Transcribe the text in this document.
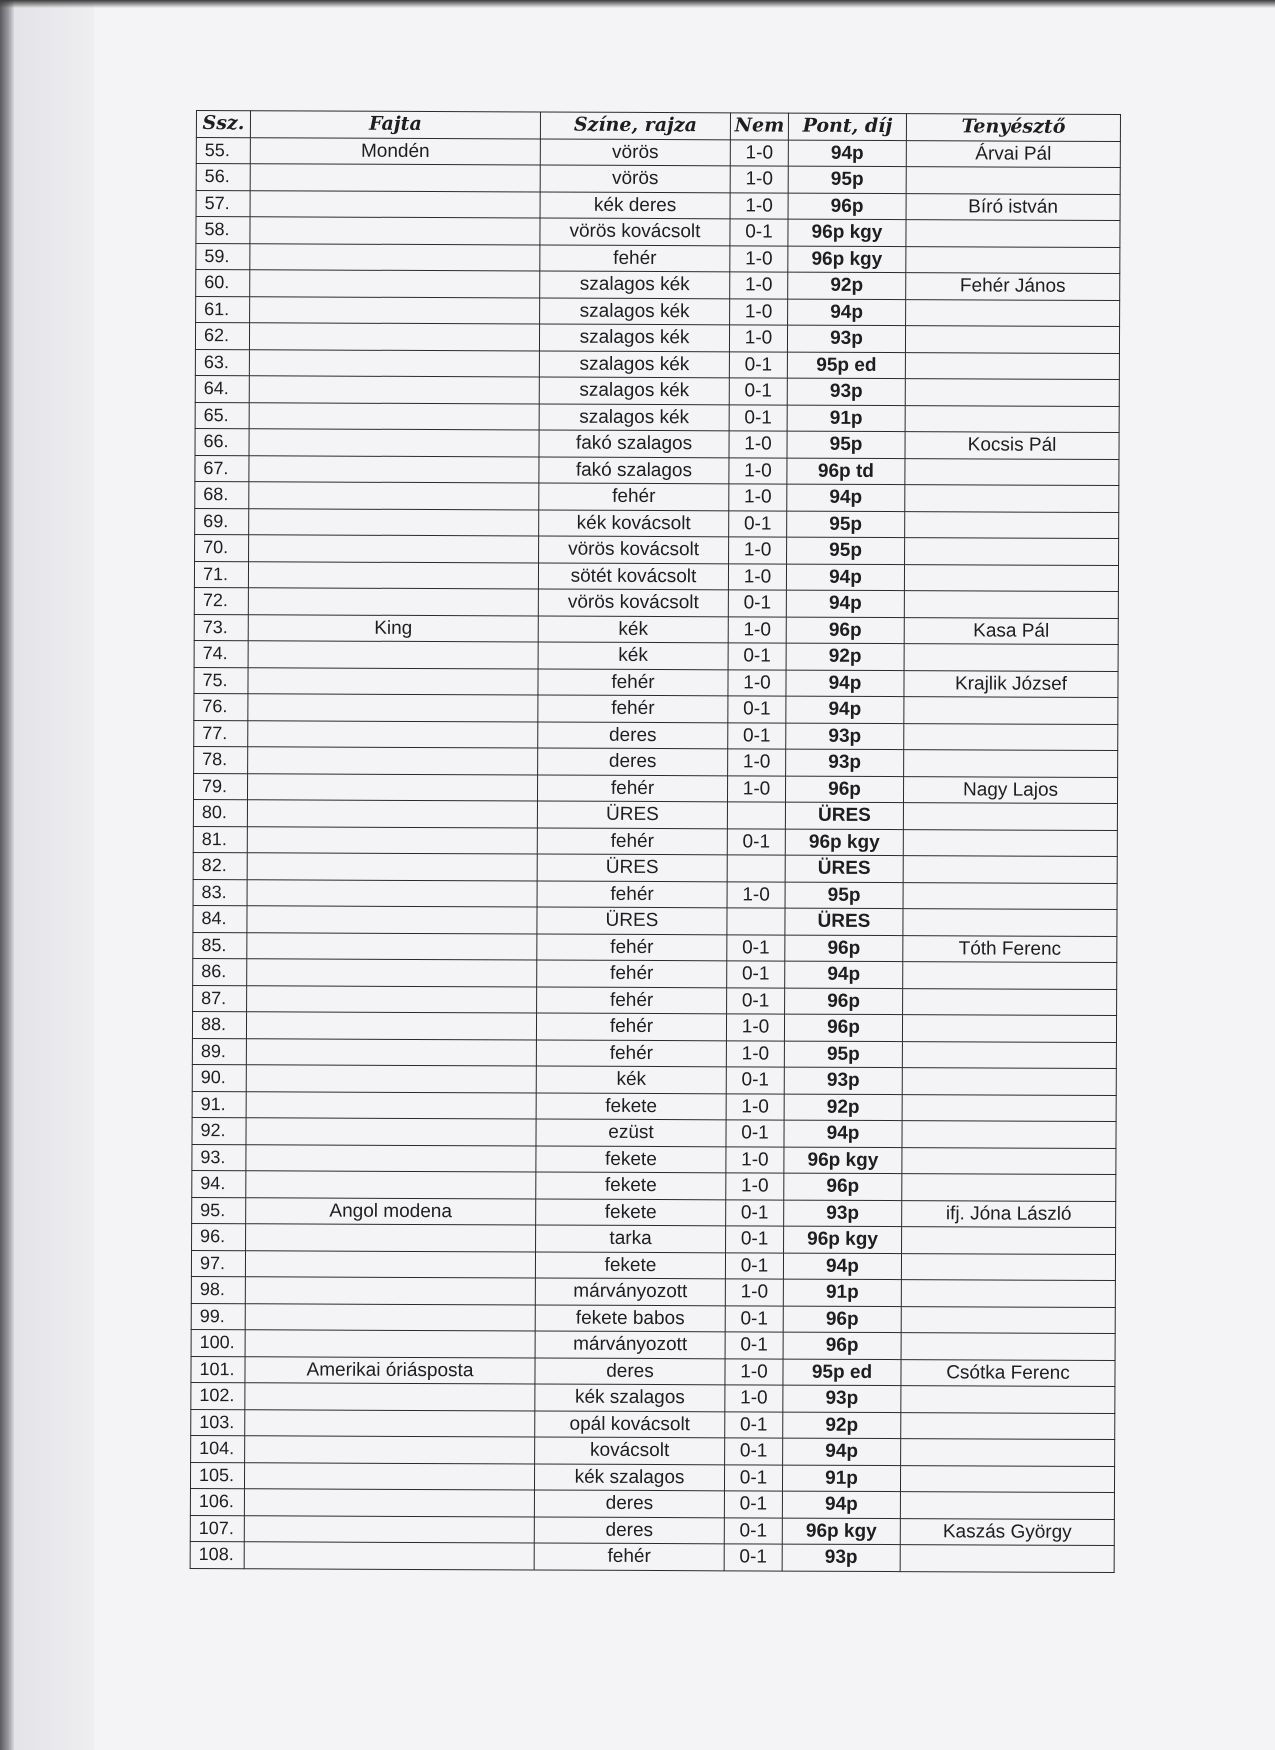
Ssz.	Fajta	Színe, rajza	Nem	Pont, díj	Tenyésztő
55.	Mondén	vörös	1-0	94p	Árvai Pál
56.		vörös	1-0	95p	
57.		kék deres	1-0	96p	Bíró istván
58.		vörös kovácsolt	0-1	96p kgy	
59.		fehér	1-0	96p kgy	
60.		szalagos kék	1-0	92p	Fehér János
61.		szalagos kék	1-0	94p	
62.		szalagos kék	1-0	93p	
63.		szalagos kék	0-1	95p ed	
64.		szalagos kék	0-1	93p	
65.		szalagos kék	0-1	91p	
66.		fakó szalagos	1-0	95p	Kocsis Pál
67.		fakó szalagos	1-0	96p td	
68.		fehér	1-0	94p	
69.		kék kovácsolt	0-1	95p	
70.		vörös kovácsolt	1-0	95p	
71.		sötét kovácsolt	1-0	94p	
72.		vörös kovácsolt	0-1	94p	
73.	King	kék	1-0	96p	Kasa Pál
74.		kék	0-1	92p	
75.		fehér	1-0	94p	Krajlik József
76.		fehér	0-1	94p	
77.		deres	0-1	93p	
78.		deres	1-0	93p	
79.		fehér	1-0	96p	Nagy Lajos
80.		ÜRES		ÜRES	
81.		fehér	0-1	96p kgy	
82.		ÜRES		ÜRES	
83.		fehér	1-0	95p	
84.		ÜRES		ÜRES	
85.		fehér	0-1	96p	Tóth Ferenc
86.		fehér	0-1	94p	
87.		fehér	0-1	96p	
88.		fehér	1-0	96p	
89.		fehér	1-0	95p	
90.		kék	0-1	93p	
91.		fekete	1-0	92p	
92.		ezüst	0-1	94p	
93.		fekete	1-0	96p kgy	
94.		fekete	1-0	96p	
95.	Angol modena	fekete	0-1	93p	ifj. Jóna László
96.		tarka	0-1	96p kgy	
97.		fekete	0-1	94p	
98.		márványozott	1-0	91p	
99.		fekete babos	0-1	96p	
100.		márványozott	0-1	96p	
101.	Amerikai óriásposta	deres	1-0	95p ed	Csótka Ferenc
102.		kék szalagos	1-0	93p	
103.		opál kovácsolt	0-1	92p	
104.		kovácsolt	0-1	94p	
105.		kék szalagos	0-1	91p	
106.		deres	0-1	94p	
107.		deres	0-1	96p kgy	Kaszás György
108.		fehér	0-1	93p	
